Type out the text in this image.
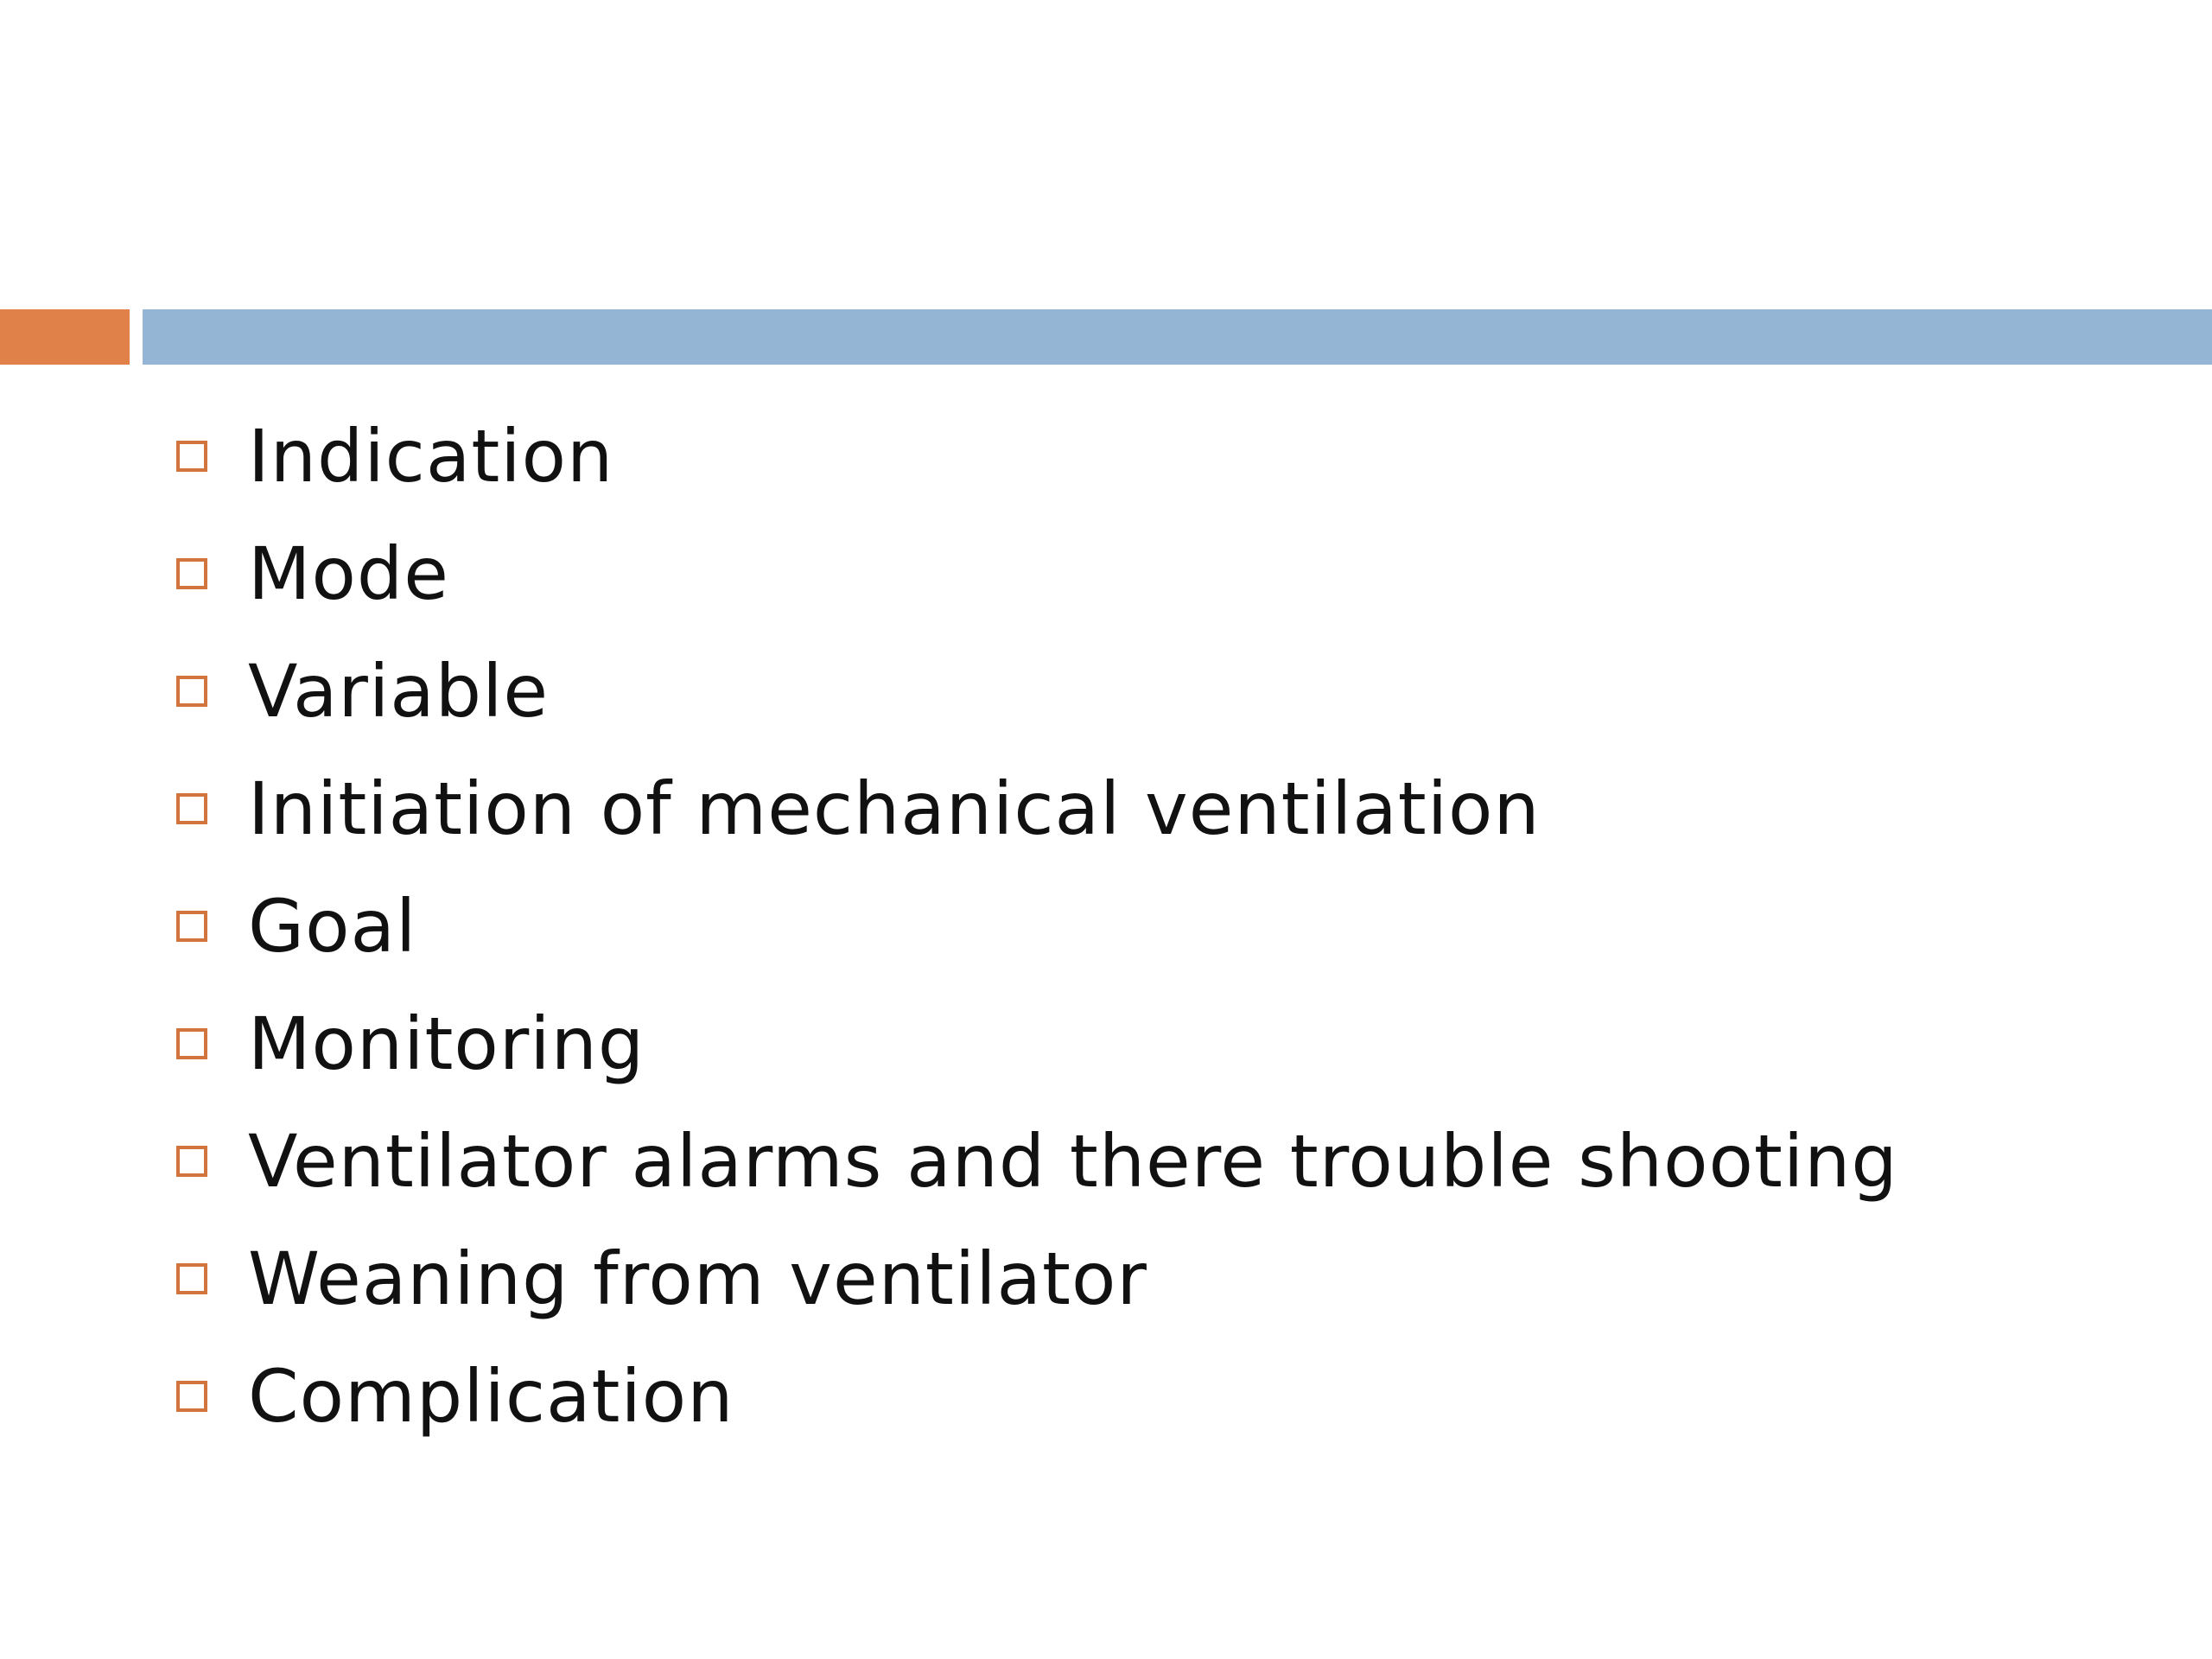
Indication
Mode
Variable
Initiation of mechanical ventilation
Goal
Monitoring
Ventilator alarms and there trouble shooting
Weaning from ventilator
Complication
